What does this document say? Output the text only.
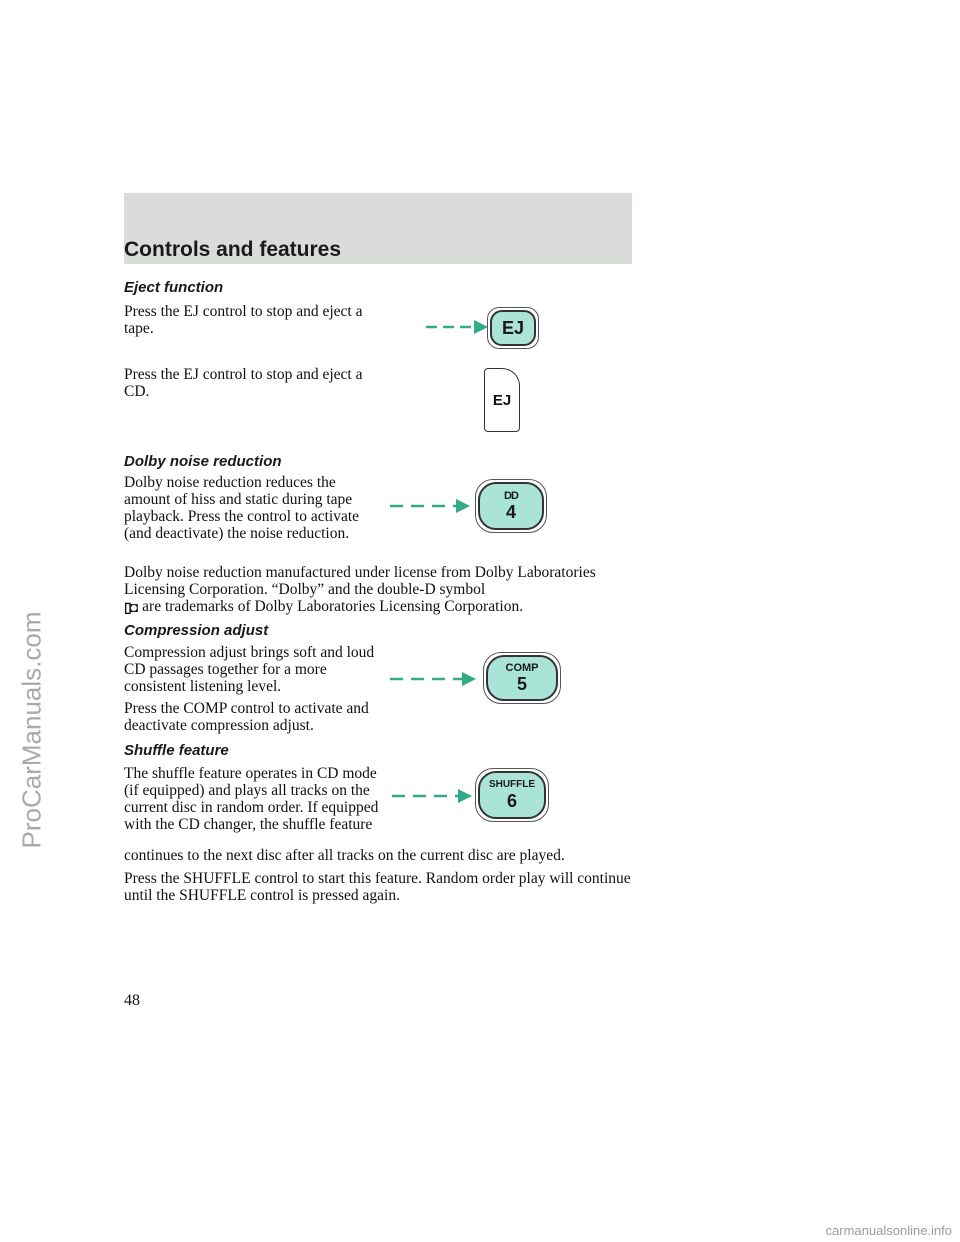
ProCarManuals.com
Controls and features
Eject function

Press the EJ control to stop and eject a tape.

Press the EJ control to stop and eject a CD.

EJ
EJ
Dolby noise reduction

Dolby noise reduction reduces the amount of hiss and static during tape playback. Press the control to activate (and deactivate) the noise reduction.

Dolby noise reduction manufactured under license from Dolby Laboratories Licensing Corporation. “Dolby” and the double-D symbol

▯◘ are trademarks of Dolby Laboratories Licensing Corporation.

DD
4
Compression adjust

Compression adjust brings soft and loud CD passages together for a more consistent listening level.

Press the COMP control to activate and deactivate compression adjust.

COMP
5
Shuffle feature

The shuffle feature operates in CD mode (if equipped) and plays all tracks on the current disc in random order. If equipped with the CD changer, the shuffle feature

continues to the next disc after all tracks on the current disc are played.

Press the SHUFFLE control to start this feature. Random order play will continue until the SHUFFLE control is pressed again.

SHUFFLE
6

48

carmanualsonline.info
